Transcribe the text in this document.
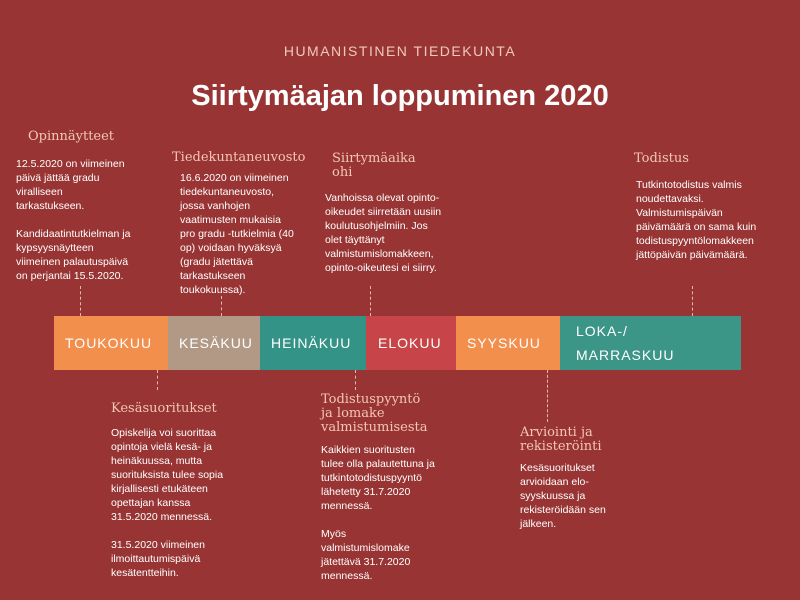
HUMANISTINEN TIEDEKUNTA
Siirtymäajan loppuminen 2020
Opinnäytteet
12.5.2020 on viimeinen
päivä jättää gradu
viralliseen
tarkastukseen.

Kandidaatintutkielman ja
kypsyysnäytteen
viimeinen palautuspäivä
on perjantai 15.5.2020.
Tiedekuntaneuvosto
16.6.2020 on viimeinen
tiedekuntaneuvosto,
jossa vanhojen
vaatimusten mukaisia
pro gradu -tutkielmia (40
op) voidaan hyväksyä
(gradu jätettävä
tarkastukseen
toukokuussa).
Siirtymäaika
ohi
Vanhoissa olevat opinto-
oikeudet siirretään uusiin
koulutusohjelmiin. Jos
olet täyttänyt
valmistumislomakkeen,
opinto-oikeutesi ei siirry.
Todistus
Tutkintotodistus valmis
noudettavaksi.
Valmistumispäivän
päivämäärä on sama kuin
todistuspyyntölomakkeen
jättöpäivän päivämäärä.
TOUKOKUU KESÄKUU HEINÄKUU ELOKUU SYYSKUU
LOKA-/
MARRASKUU
Kesäsuoritukset
Opiskelija voi suorittaa
opintoja vielä kesä- ja
heinäkuussa, mutta
suorituksista tulee sopia
kirjallisesti etukäteen
opettajan kanssa
31.5.2020 mennessä.

31.5.2020 viimeinen
ilmoittautumispäivä
kesätentteihin.
Todistuspyyntö
ja lomake
valmistumisesta
Kaikkien suoritusten
tulee olla palautettuna ja
tutkintotodistuspyyntö
lähetetty 31.7.2020
mennessä.

Myös
valmistumislomake
jätettävä 31.7.2020
mennessä.
Arviointi ja
rekisteröinti
Kesäsuoritukset
arvioidaan elo-
syyskuussa ja
rekisteröidään sen
jälkeen.
